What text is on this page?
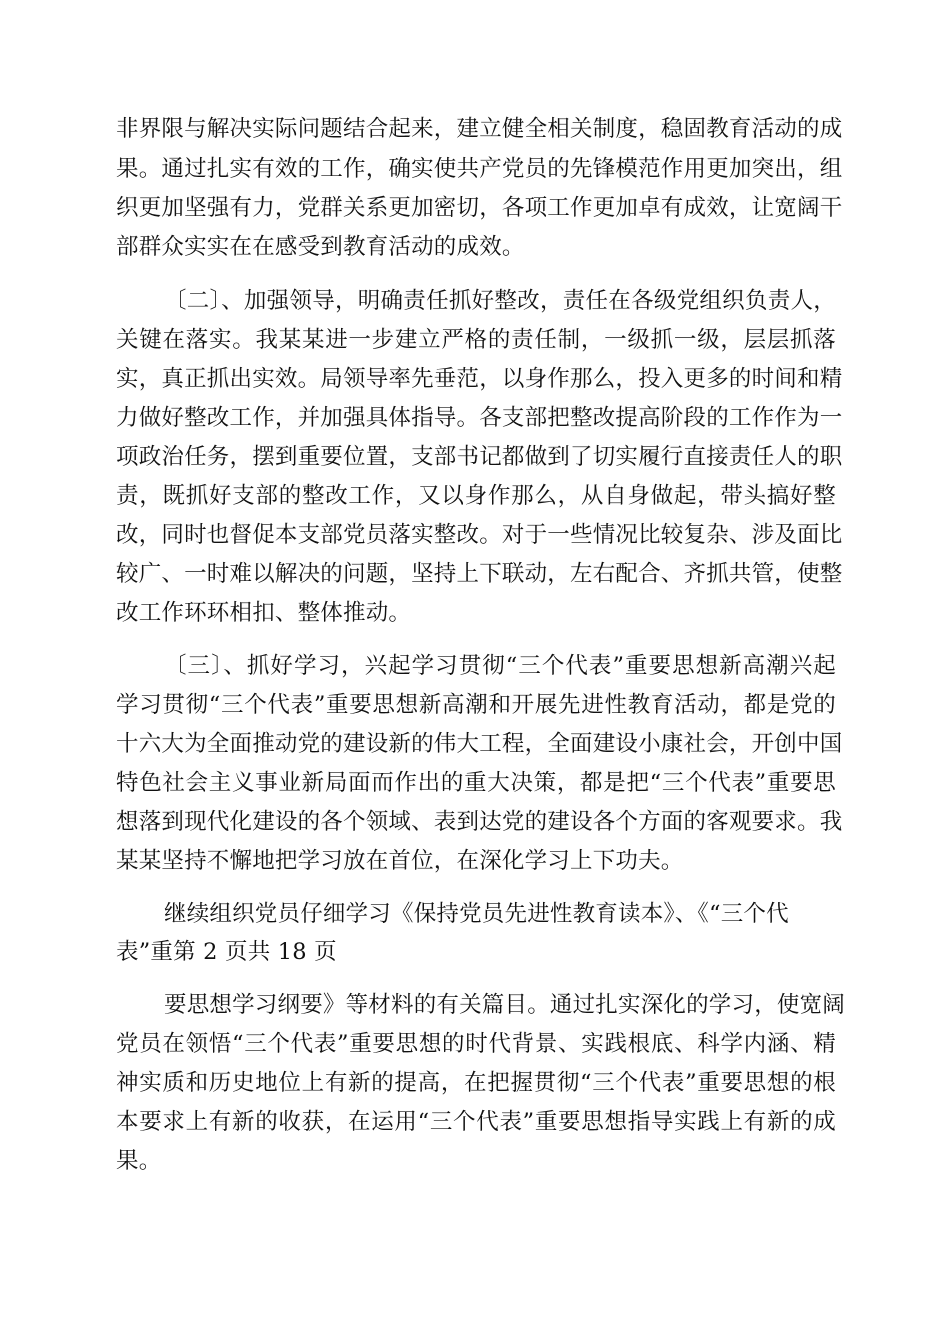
非界限与解决实际问题结合起来，建立健全相关制度，稳固教育活动的成
果。通过扎实有效的工作，确实使共产党员的先锋模范作用更加突出，组
织更加坚强有力，党群关系更加密切，各项工作更加卓有成效，让宽阔干
部群众实实在在感受到教育活动的成效。
〔二〕、加强领导，明确责任抓好整改，责任在各级党组织负责人，
关键在落实。我某某进一步建立严格的责任制，一级抓一级，层层抓落
实，真正抓出实效。局领导率先垂范，以身作那么，投入更多的时间和精
力做好整改工作，并加强具体指导。各支部把整改提高阶段的工作作为一
项政治任务，摆到重要位置，支部书记都做到了切实履行直接责任人的职
责，既抓好支部的整改工作，又以身作那么，从自身做起，带头搞好整
改，同时也督促本支部党员落实整改。对于一些情况比较复杂、涉及面比
较广、一时难以解决的问题，坚持上下联动，左右配合、齐抓共管，使整
改工作环环相扣、整体推动。
〔三〕、抓好学习，兴起学习贯彻“三个代表”重要思想新高潮兴起
学习贯彻“三个代表”重要思想新高潮和开展先进性教育活动，都是党的
十六大为全面推动党的建设新的伟大工程，全面建设小康社会，开创中国
特色社会主义事业新局面而作出的重大决策，都是把“三个代表”重要思
想落到现代化建设的各个领域、表到达党的建设各个方面的客观要求。我
某某坚持不懈地把学习放在首位，在深化学习上下功夫。
继续组织党员仔细学习《保持党员先进性教育读本》、《“三个代
表”重第 2 页共 18 页
要思想学习纲要》等材料的有关篇目。通过扎实深化的学习，使宽阔
党员在领悟“三个代表”重要思想的时代背景、实践根底、科学内涵、精
神实质和历史地位上有新的提高，在把握贯彻“三个代表”重要思想的根
本要求上有新的收获，在运用“三个代表”重要思想指导实践上有新的成
果。
